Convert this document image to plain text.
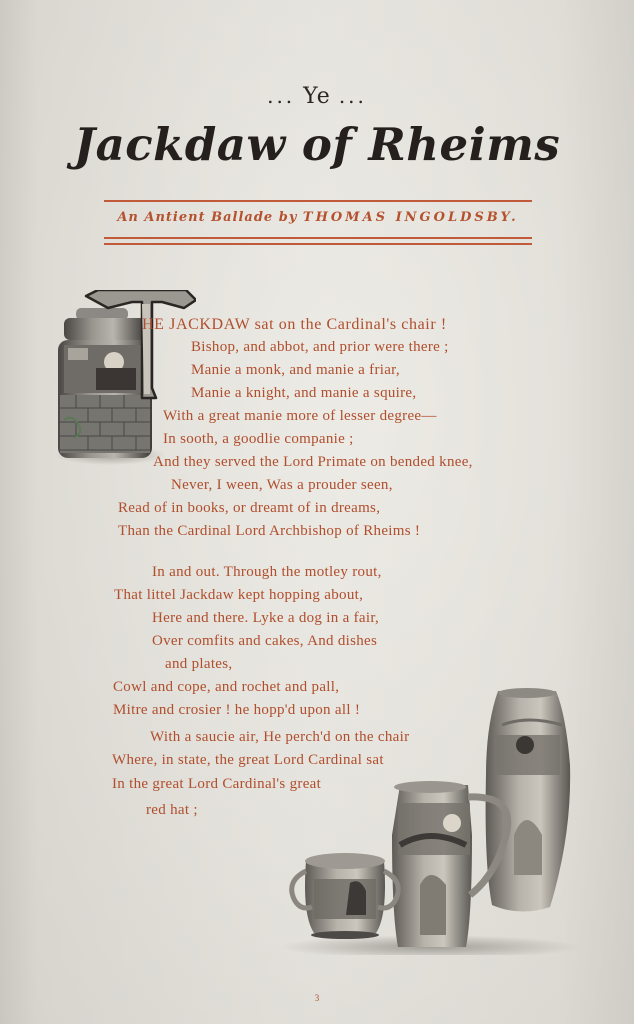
... Ye ...
Jackdaw of Rheims
An Antient Ballade by THOMAS INGOLDSBY.
HE JACKDAW sat on the Cardinal's chair !
Bishop, and abbot, and prior were there ;
Manie a monk, and manie a friar,
Manie a knight, and manie a squire,
With a great manie more of lesser degree—
In sooth, a goodlie companie ;
And they served the Lord Primate on bended knee,
Never, I ween, Was a prouder seen,
Read of in books, or dreamt of in dreams,
Than the Cardinal Lord Archbishop of Rheims !
In and out. Through the motley rout,
That littel Jackdaw kept hopping about,
Here and there. Lyke a dog in a fair,
Over comfits and cakes, And dishes
and plates,
Cowl and cope, and rochet and pall,
Mitre and crosier ! he hopp'd upon all !
With a saucie air, He perch'd on the chair
Where, in state, the great Lord Cardinal sat
In the great Lord Cardinal's great
red hat ;
3
